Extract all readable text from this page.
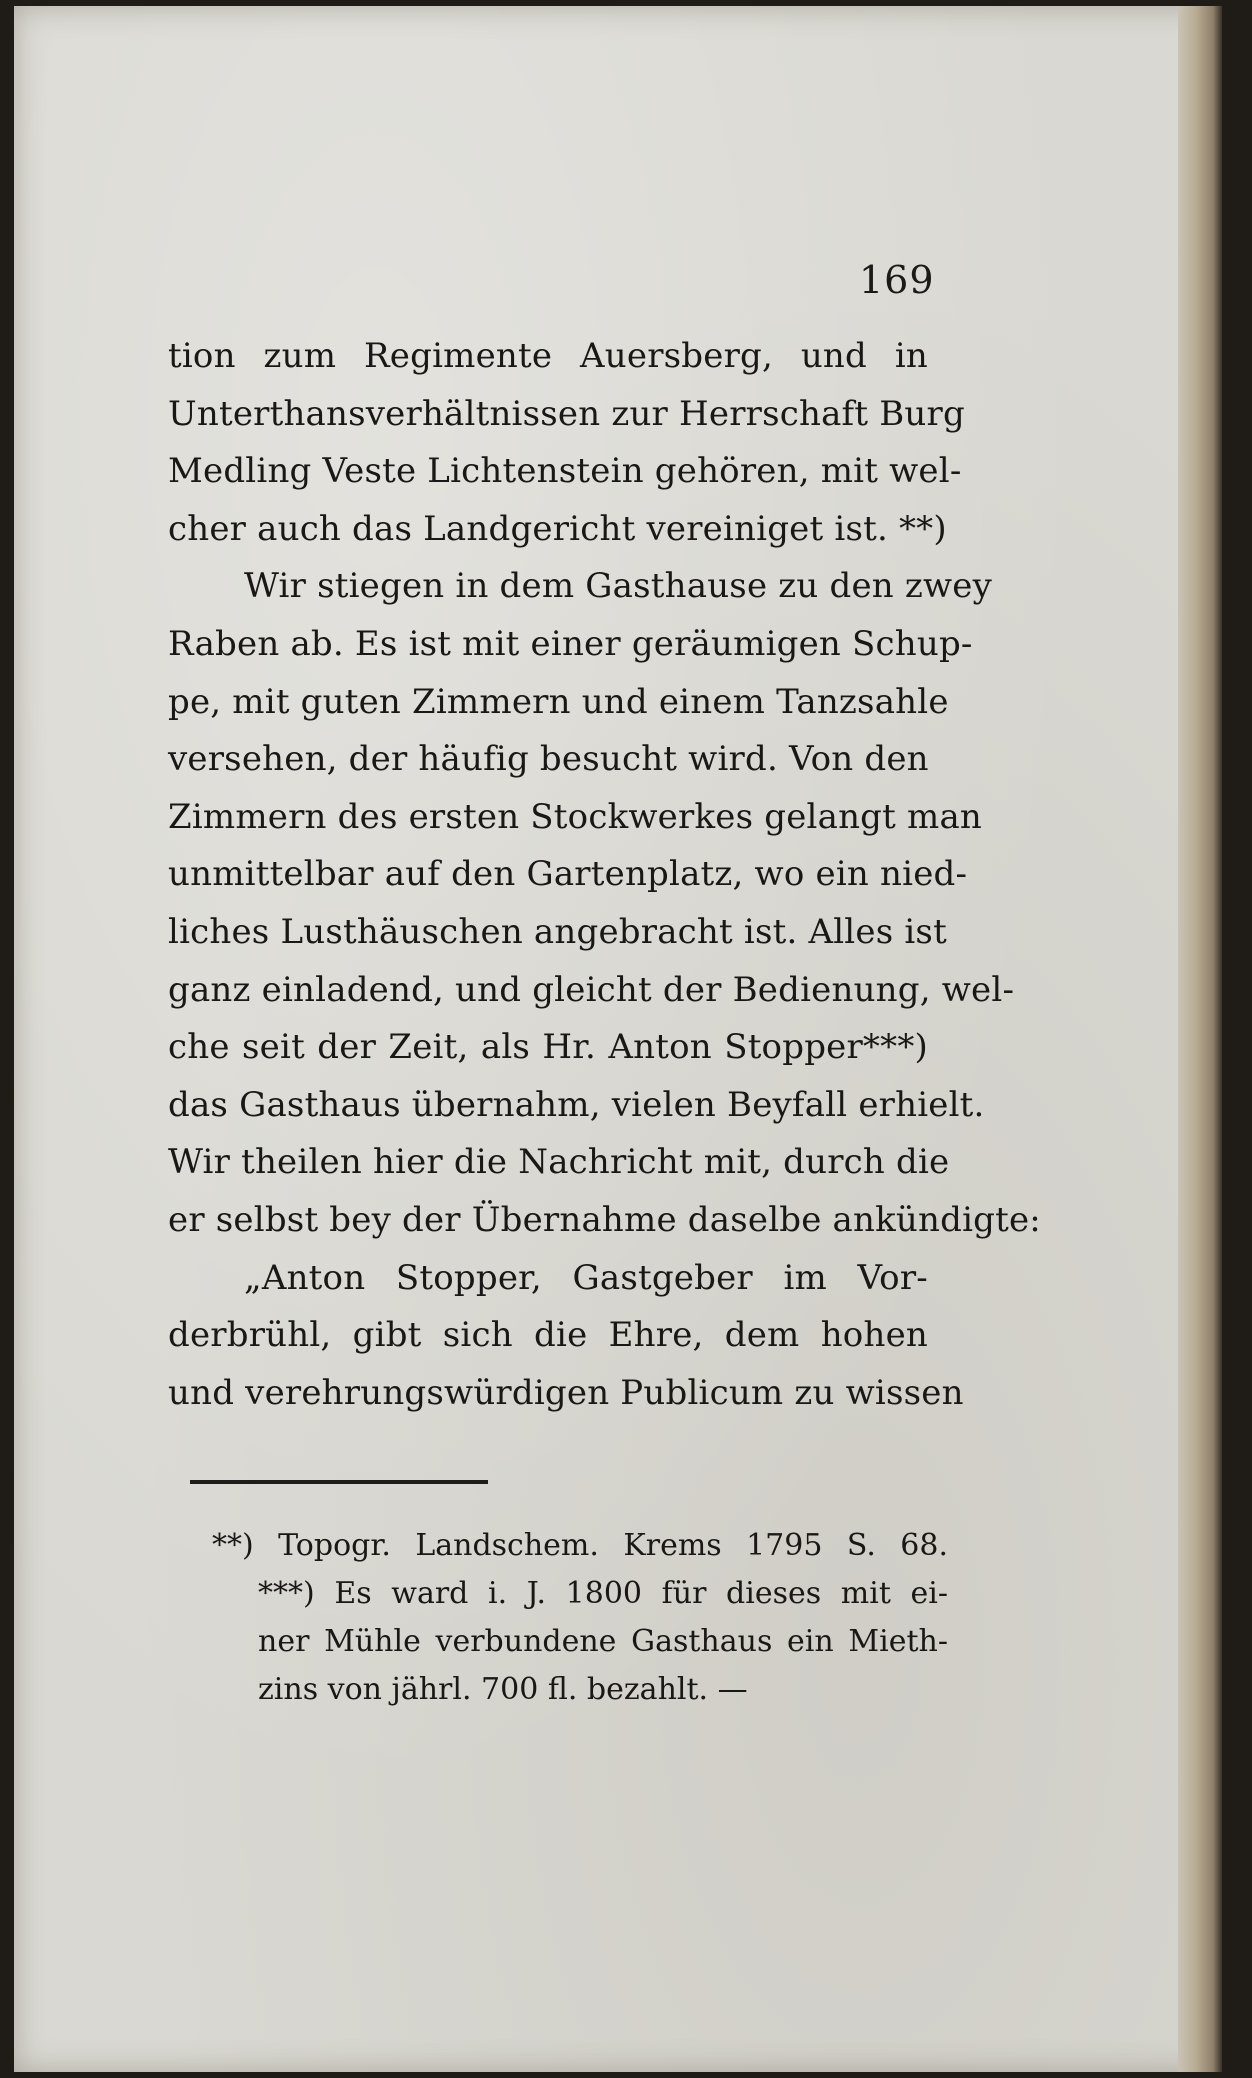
169
tion zum Regimente Auersberg, und in
Unterthansverhältnissen zur Herrschaft Burg
Medling Veste Lichtenstein gehören, mit wel-
cher auch das Landgericht vereiniget ist. **)
Wir stiegen in dem Gasthause zu den zwey
Raben ab. Es ist mit einer geräumigen Schup-
pe, mit guten Zimmern und einem Tanzsahle
versehen, der häufig besucht wird. Von den
Zimmern des ersten Stockwerkes gelangt man
unmittelbar auf den Gartenplatz, wo ein nied-
liches Lusthäuschen angebracht ist. Alles ist
ganz einladend, und gleicht der Bedienung, wel-
che seit der Zeit, als Hr. Anton Stopper***)
das Gasthaus übernahm, vielen Beyfall erhielt.
Wir theilen hier die Nachricht mit, durch die
er selbst bey der Übernahme daselbe ankündigte:
„Anton Stopper, Gastgeber im Vor-
derbrühl, gibt sich die Ehre, dem hohen
und verehrungswürdigen Publicum zu wissen
**) Topogr. Landschem. Krems 1795 S. 68.
***) Es ward i. J. 1800 für dieses mit ei-
ner Mühle verbundene Gasthaus ein Mieth-
zins von jährl. 700 fl. bezahlt. —
